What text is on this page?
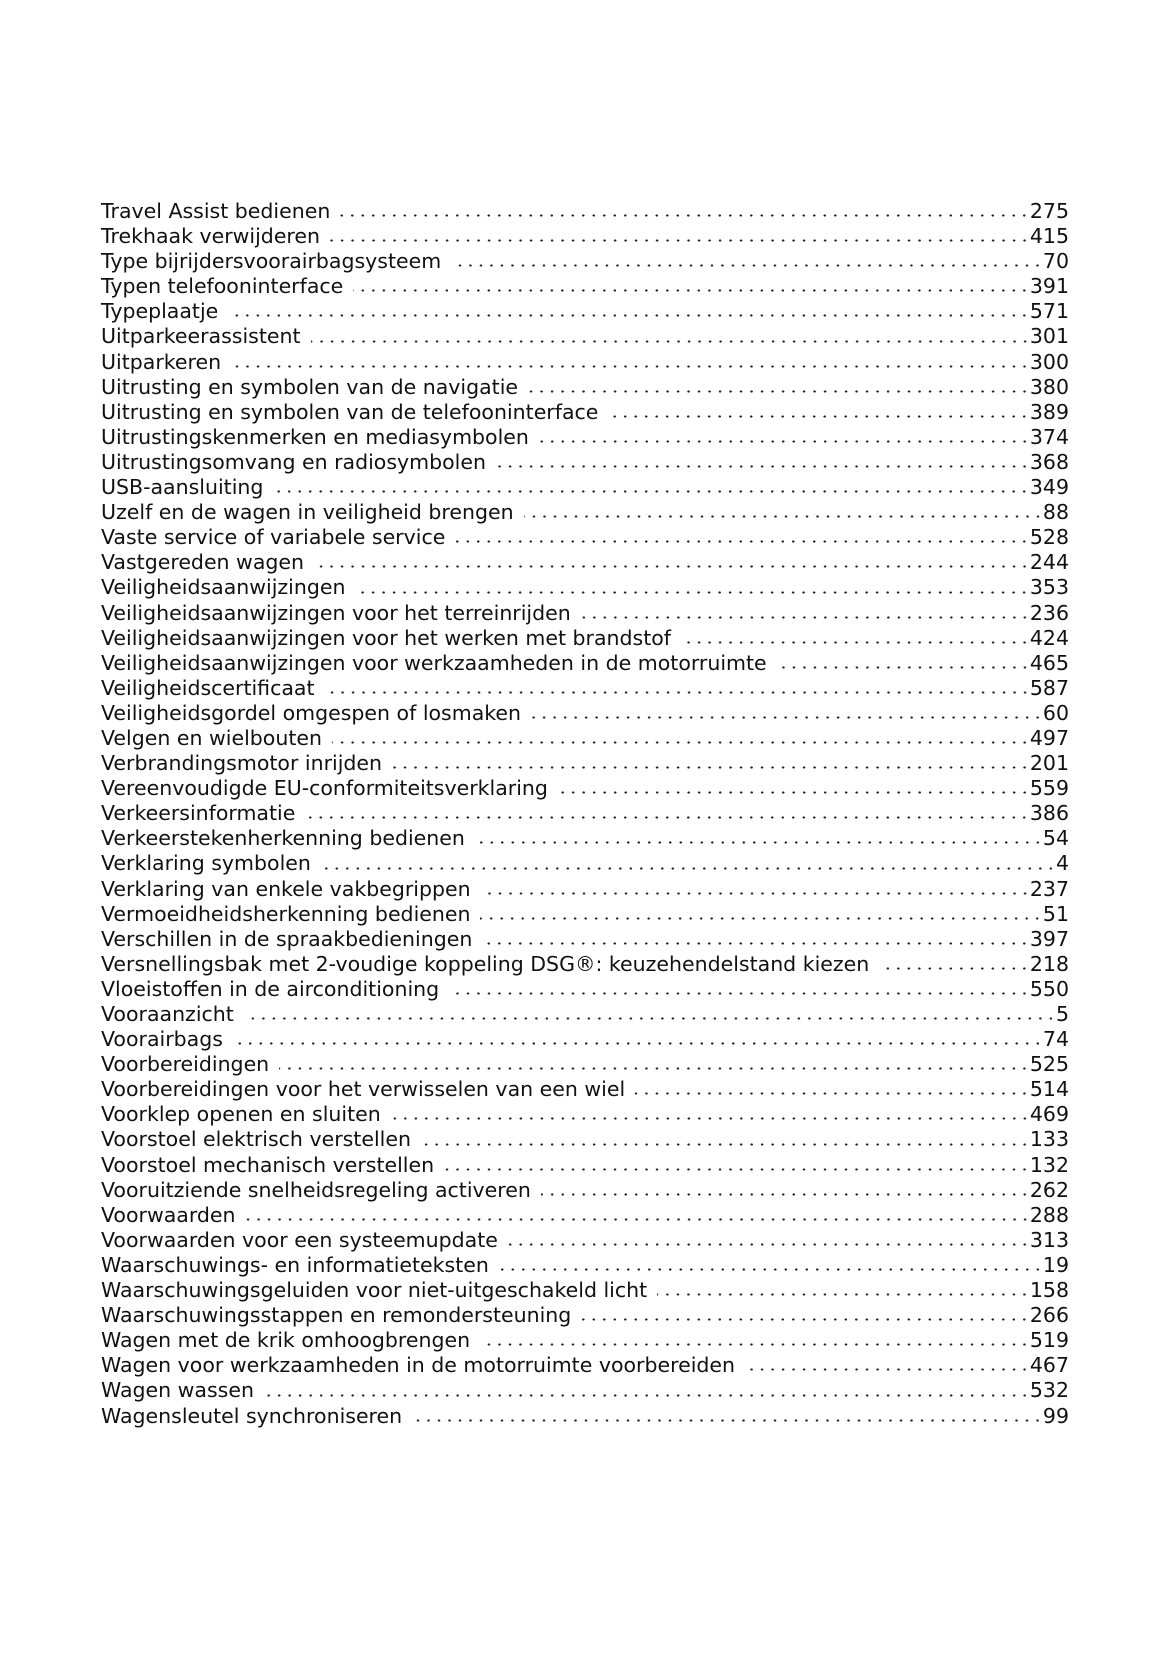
Travel Assist bedienen	275
Trekhaak verwijderen	415
Type bijrijdersvoorairbagsysteem	70
Typen telefooninterface	391
Typeplaatje	571
Uitparkeerassistent	301
Uitparkeren	300
Uitrusting en symbolen van de navigatie	380
Uitrusting en symbolen van de telefooninterface	389
Uitrustingskenmerken en mediasymbolen	374
Uitrustingsomvang en radiosymbolen	368
USB-aansluiting	349
Uzelf en de wagen in veiligheid brengen	88
Vaste service of variabele service	528
Vastgereden wagen	244
Veiligheidsaanwijzingen	353
Veiligheidsaanwijzingen voor het terreinrijden	236
Veiligheidsaanwijzingen voor het werken met brandstof	424
Veiligheidsaanwijzingen voor werkzaamheden in de motorruimte	465
Veiligheidscertificaat	587
Veiligheidsgordel omgespen of losmaken	60
Velgen en wielbouten	497
Verbrandingsmotor inrijden	201
Vereenvoudigde EU-conformiteitsverklaring	559
Verkeersinformatie	386
Verkeerstekenherkenning bedienen	54
Verklaring symbolen	4
Verklaring van enkele vakbegrippen	237
Vermoeidheidsherkenning bedienen	51
Verschillen in de spraakbedieningen	397
Versnellingsbak met 2-voudige koppeling DSG®: keuzehendelstand kiezen	218
Vloeistoffen in de airconditioning	550
Vooraanzicht	5
Voorairbags	74
Voorbereidingen	525
Voorbereidingen voor het verwisselen van een wiel	514
Voorklep openen en sluiten	469
Voorstoel elektrisch verstellen	133
Voorstoel mechanisch verstellen	132
Vooruitziende snelheidsregeling activeren	262
Voorwaarden	288
Voorwaarden voor een systeemupdate	313
Waarschuwings- en informatieteksten	19
Waarschuwingsgeluiden voor niet-uitgeschakeld licht	158
Waarschuwingsstappen en remondersteuning	266
Wagen met de krik omhoogbrengen	519
Wagen voor werkzaamheden in de motorruimte voorbereiden	467
Wagen wassen	532
Wagensleutel synchroniseren	99
